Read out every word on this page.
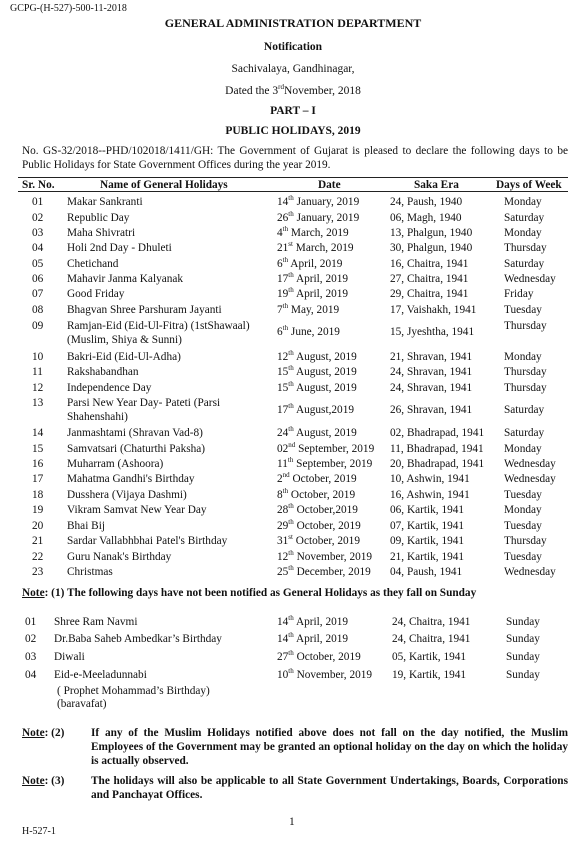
GCPG-(H-527)-500-11-2018
GENERAL ADMINISTRATION DEPARTMENT
Notification
Sachivalaya, Gandhinagar,
Dated the 3rdNovember, 2018
PART – I
PUBLIC HOLIDAYS, 2019
No. GS-32/2018--PHD/102018/1411/GH: The Government of Gujarat is pleased to declare the following days to be Public Holidays for State Government Offices during the year 2019.
Sr. No.	Name of General Holidays	Date	Saka Era	Days of Week
01 Makar Sankranti	14th January, 2019	24, Paush, 1940	Monday
02 Republic Day	26th January, 2019	06, Magh, 1940	Saturday
03 Maha Shivratri	4th March, 2019	13, Phalgun, 1940	Monday
04 Holi 2nd Day - Dhuleti	21st March, 2019	30, Phalgun, 1940	Thursday
05 Chetichand	6th April, 2019	16, Chaitra, 1941	Saturday
06 Mahavir Janma Kalyanak	17th April, 2019	27, Chaitra, 1941	Wednesday
07 Good Friday	19th April, 2019	29, Chaitra, 1941	Friday
08 Bhagvan Shree Parshuram Jayanti	7th May, 2019	17, Vaishakh, 1941 Tuesday
09 Ramjan-Eid (Eid-Ul-Fitra) (1stShawaal) (Muslim, Shiya & Sunni)
6th June, 2019	15, Jyeshtha, 1941	Thursday
10 Bakri-Eid (Eid-Ul-Adha)	12th August, 2019	21, Shravan, 1941	Monday
11 Rakshabandhan	15th August, 2019	24, Shravan, 1941	Thursday
12 Independence Day	15th August, 2019	24, Shravan, 1941	Thursday
13 Parsi New Year Day- Pateti (Parsi Shahenshahi)
17th August,2019	26, Shravan, 1941	Saturday
14 Janmashtami (Shravan Vad-8)	24th August, 2019	02, Bhadrapad, 1941 Saturday
15 Samvatsari (Chaturthi Paksha)	02nd September, 2019 11, Bhadrapad, 1941 Monday
16 Muharram (Ashoora)	11th September, 2019 20, Bhadrapad, 1941 Wednesday
17 Mahatma Gandhi's Birthday	2nd October, 2019	10, Ashwin, 1941	Wednesday
18 Dusshera (Vijaya Dashmi)	8th October, 2019	16, Ashwin, 1941	Tuesday
19 Vikram Samvat New Year Day	28th October,2019	06, Kartik, 1941	Monday
20 Bhai Bij	29th October, 2019	07, Kartik, 1941	Tuesday
21 Sardar Vallabhbhai Patel's Birthday	31st October, 2019	09, Kartik, 1941	Thursday
22 Guru Nanak's Birthday	12th November, 2019 21, Kartik, 1941	Tuesday
23 Christmas	25th December, 2019 04, Paush, 1941	Wednesday
Note: (1) The following days have not been notified as General Holidays as they fall on Sunday
01 Shree Ram Navmi	14th April, 2019	24, Chaitra, 1941	Sunday
02 Dr.Baba Saheb Ambedkar’s Birthday	14th April, 2019	24, Chaitra, 1941	Sunday
03 Diwali	27th October, 2019	05, Kartik, 1941	Sunday
04 Eid-e-Meeladunnabi
( Prophet Mohammad’s Birthday)
(baravafat)
10th November, 2019 19, Kartik, 1941	Sunday
Note: (2) If any of the Muslim Holidays notified above does not fall on the day notified, the Muslim Employees of the Government may be granted an optional holiday on the day on which the holiday is actually observed.
Note: (3) The holidays will also be applicable to all State Government Undertakings, Boards, Corporations and Panchayat Offices.
1
H-527-1
